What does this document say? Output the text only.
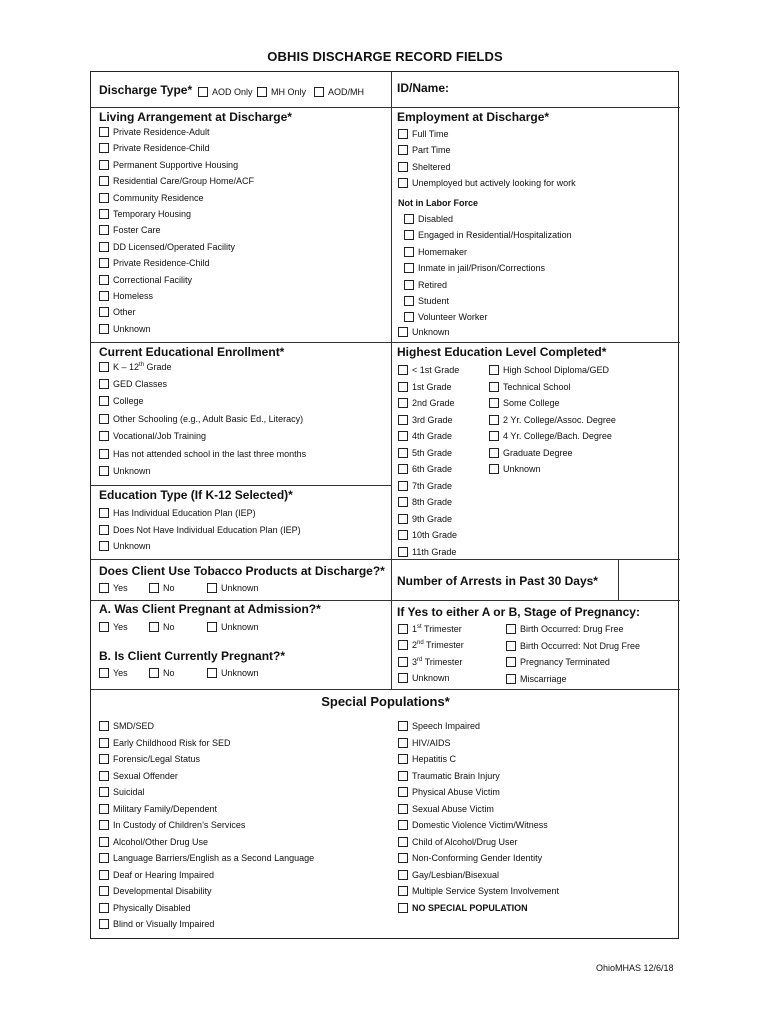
OBHIS DISCHARGE RECORD FIELDS
Discharge Type*	ID/Name:
Living Arrangement at Discharge*	Employment at Discharge*
Not in Labor Force
Current Educational Enrollment*	Highest Education Level Completed*
Education Type (If K-12 Selected)*
Does Client Use Tobacco Products at Discharge?*
Number of Arrests in Past 30 Days*
A. Was Client Pregnant at Admission?*	If Yes to either A or B, Stage of Pregnancy:
B. Is Client Currently Pregnant?*
K – 12th Grade
1st Trimester
2nd Trimester
3rd Trimester
Special Populations*
AOD Only	MH Only	AOD/MH
Private Residence-Adult
Private Residence-Child
Permanent Supportive Housing
Residential Care/Group Home/ACF
Community Residence
Temporary Housing
Foster Care
DD Licensed/Operated Facility
Private Residence-Child
Correctional Facility
Homeless
Other
Unknown
Full Time
Part Time
Sheltered
Unemployed but actively looking for work
Disabled
Engaged in Residential/Hospitalization
Homemaker
Inmate in jail/Prison/Corrections
Retired
Student
Volunteer Worker
Unknown
GED Classes
College
Other Schooling (e.g., Adult Basic Ed., Literacy)
Vocational/Job Training
Has not attended school in the last three months
Unknown
< 1st Grade
1st Grade
2nd Grade
3rd Grade
4th Grade
5th Grade
6th Grade
7th Grade
8th Grade
9th Grade
10th Grade
11th Grade
High School Diploma/GED
Technical School
Some College
2 Yr. College/Assoc. Degree
4 Yr. College/Bach. Degree
Graduate Degree
Unknown
Has Individual Education Plan (IEP)
Does Not Have Individual Education Plan (IEP)
Unknown
Yes	No	Unknown
Yes	No	Unknown
Yes	No	Unknown	Unknown
Birth Occurred: Drug Free
Birth Occurred: Not Drug Free
Pregnancy Terminated
Miscarriage
SMD/SED
Early Childhood Risk for SED
Forensic/Legal Status
Sexual Offender
Suicidal
Military Family/Dependent
In Custody of Children’s Services
Alcohol/Other Drug Use
Language Barriers/English as a Second Language
Deaf or Hearing Impaired
Developmental Disability
Physically Disabled
Blind or Visually Impaired
Speech Impaired
HIV/AIDS
Hepatitis C
Traumatic Brain Injury
Physical Abuse Victim
Sexual Abuse Victim
Domestic Violence Victim/Witness
Child of Alcohol/Drug User
Non-Conforming Gender Identity
Gay/Lesbian/Bisexual
Multiple Service System Involvement
NO SPECIAL POPULATION
OhioMHAS 12/6/18
